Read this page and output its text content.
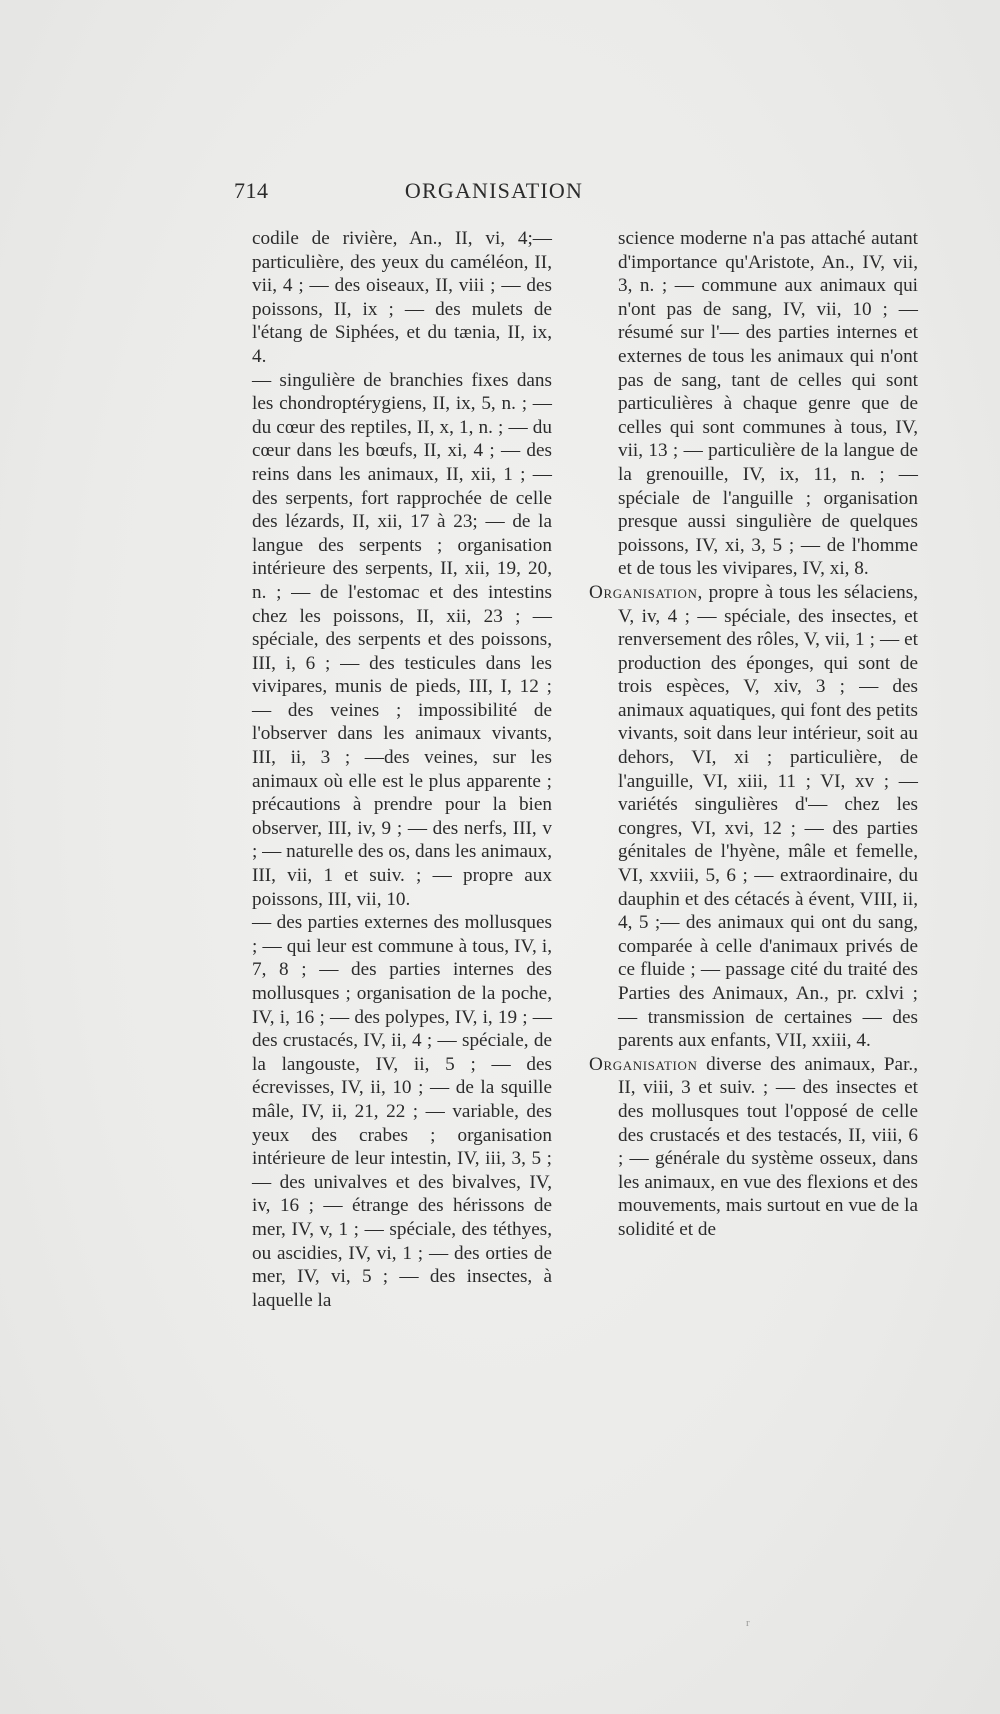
714	ORGANISATION

codile de rivière, An., II, vi, 4;— particulière, des yeux du caméléon, II, vii, 4 ; — des oiseaux, II, viii ; — des poissons, II, ix ; — des mulets de l'étang de Siphées, et du tænia, II, ix, 4.

— singulière de branchies fixes dans les chondroptérygiens, II, ix, 5, n. ; — du cœur des reptiles, II, x, 1, n. ; — du cœur dans les bœufs, II, xi, 4 ; — des reins dans les animaux, II, xii, 1 ; — des serpents, fort rapprochée de celle des lézards, II, xii, 17 à 23; — de la langue des serpents ; organisation intérieure des serpents, II, xii, 19, 20, n. ; — de l'estomac et des intestins chez les poissons, II, xii, 23 ; — spéciale, des serpents et des poissons, III, i, 6 ; — des testicules dans les vivipares, munis de pieds, III, I, 12 ; — des veines ; impossibilité de l'observer dans les animaux vivants, III, ii, 3 ; —des veines, sur les animaux où elle est le plus apparente ; précautions à prendre pour la bien observer, III, iv, 9 ; — des nerfs, III, v ; — naturelle des os, dans les animaux, III, vii, 1 et suiv. ; — propre aux poissons, III, vii, 10.

— des parties externes des mollusques ; — qui leur est commune à tous, IV, i, 7, 8 ; — des parties internes des mollusques ; organisation de la poche, IV, i, 16 ; — des polypes, IV, i, 19 ; — des crustacés, IV, ii, 4 ; — spéciale, de la langouste, IV, ii, 5 ; — des écrevisses, IV, ii, 10 ; — de la squille mâle, IV, ii, 21, 22 ; — variable, des yeux des crabes ; organisation intérieure de leur intestin, IV, iii, 3, 5 ; — des univalves et des bivalves, IV, iv, 16 ; — étrange des hérissons de mer, IV, v, 1 ; — spéciale, des téthyes, ou ascidies, IV, vi, 1 ; — des orties de mer, IV, vi, 5 ; — des insectes, à laquelle la

science moderne n'a pas attaché autant d'importance qu'Aristote, An., IV, vii, 3, n. ; — commune aux animaux qui n'ont pas de sang, IV, vii, 10 ; — résumé sur l'— des parties internes et externes de tous les animaux qui n'ont pas de sang, tant de celles qui sont particulières à chaque genre que de celles qui sont communes à tous, IV, vii, 13 ; — particulière de la langue de la grenouille, IV, ix, 11, n. ; — spéciale de l'anguille ; organisation presque aussi singulière de quelques poissons, IV, xi, 3, 5 ; — de l'homme et de tous les vivipares, IV, xi, 8.

Organisation, propre à tous les sélaciens, V, iv, 4 ; — spéciale, des insectes, et renversement des rôles, V, vii, 1 ; — et production des éponges, qui sont de trois espèces, V, xiv, 3 ; — des animaux aquatiques, qui font des petits vivants, soit dans leur intérieur, soit au dehors, VI, xi ; particulière, de l'anguille, VI, xiii, 11 ; VI, xv ; — variétés singulières d'— chez les congres, VI, xvi, 12 ; — des parties génitales de l'hyène, mâle et femelle, VI, xxviii, 5, 6 ; — extraordinaire, du dauphin et des cétacés à évent, VIII, ii, 4, 5 ;— des animaux qui ont du sang, comparée à celle d'animaux privés de ce fluide ; — passage cité du traité des Parties des Animaux, An., pr. cxlvi ; — transmission de certaines — des parents aux enfants, VII, xxiii, 4.

Organisation diverse des animaux, Par., II, viii, 3 et suiv. ; — des insectes et des mollusques tout l'opposé de celle des crustacés et des testacés, II, viii, 6 ; — générale du système osseux, dans les animaux, en vue des flexions et des mouvements, mais surtout en vue de la solidité et de

r
